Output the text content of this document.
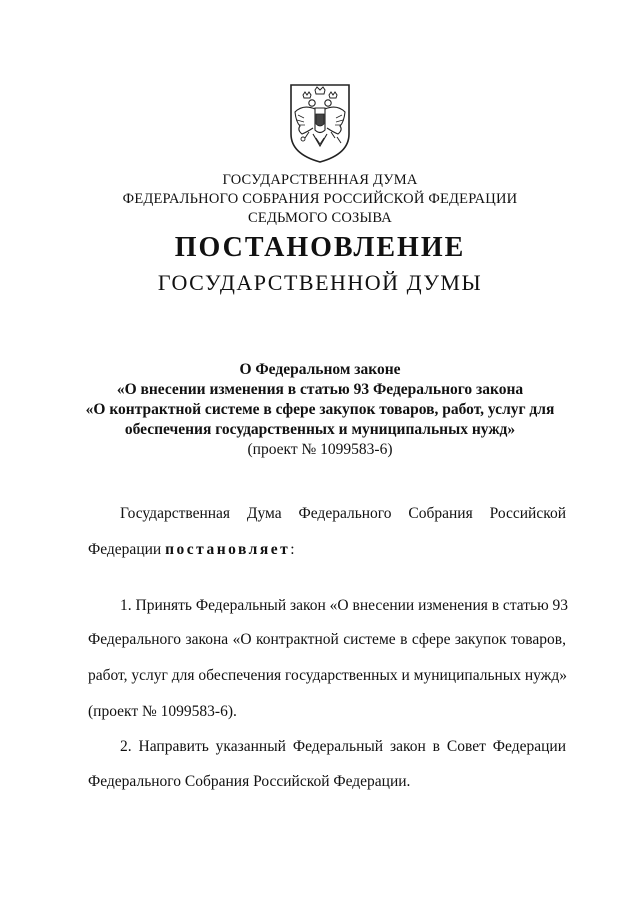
ГОСУДАРСТВЕННАЯ ДУМА
ФЕДЕРАЛЬНОГО СОБРАНИЯ РОССИЙСКОЙ ФЕДЕРАЦИИ
СЕДЬМОГО СОЗЫВА
ПОСТАНОВЛЕНИЕ
ГОСУДАРСТВЕННОЙ ДУМЫ
О Федеральном законе
«О внесении изменения в статью 93 Федерального закона
«О контрактной системе в сфере закупок товаров, работ, услуг для
обеспечения государственных и муниципальных нужд»
(проект № 1099583-6)
Государственная Дума Федерального Собрания Российской
Федерации постановляет:
1. Принять Федеральный закон «О внесении изменения в статью 93
Федерального закона «О контрактной системе в сфере закупок товаров,
работ, услуг для обеспечения государственных и муниципальных нужд»
(проект № 1099583-6).
2. Направить указанный Федеральный закон в Совет Федерации
Федерального Собрания Российской Федерации.
